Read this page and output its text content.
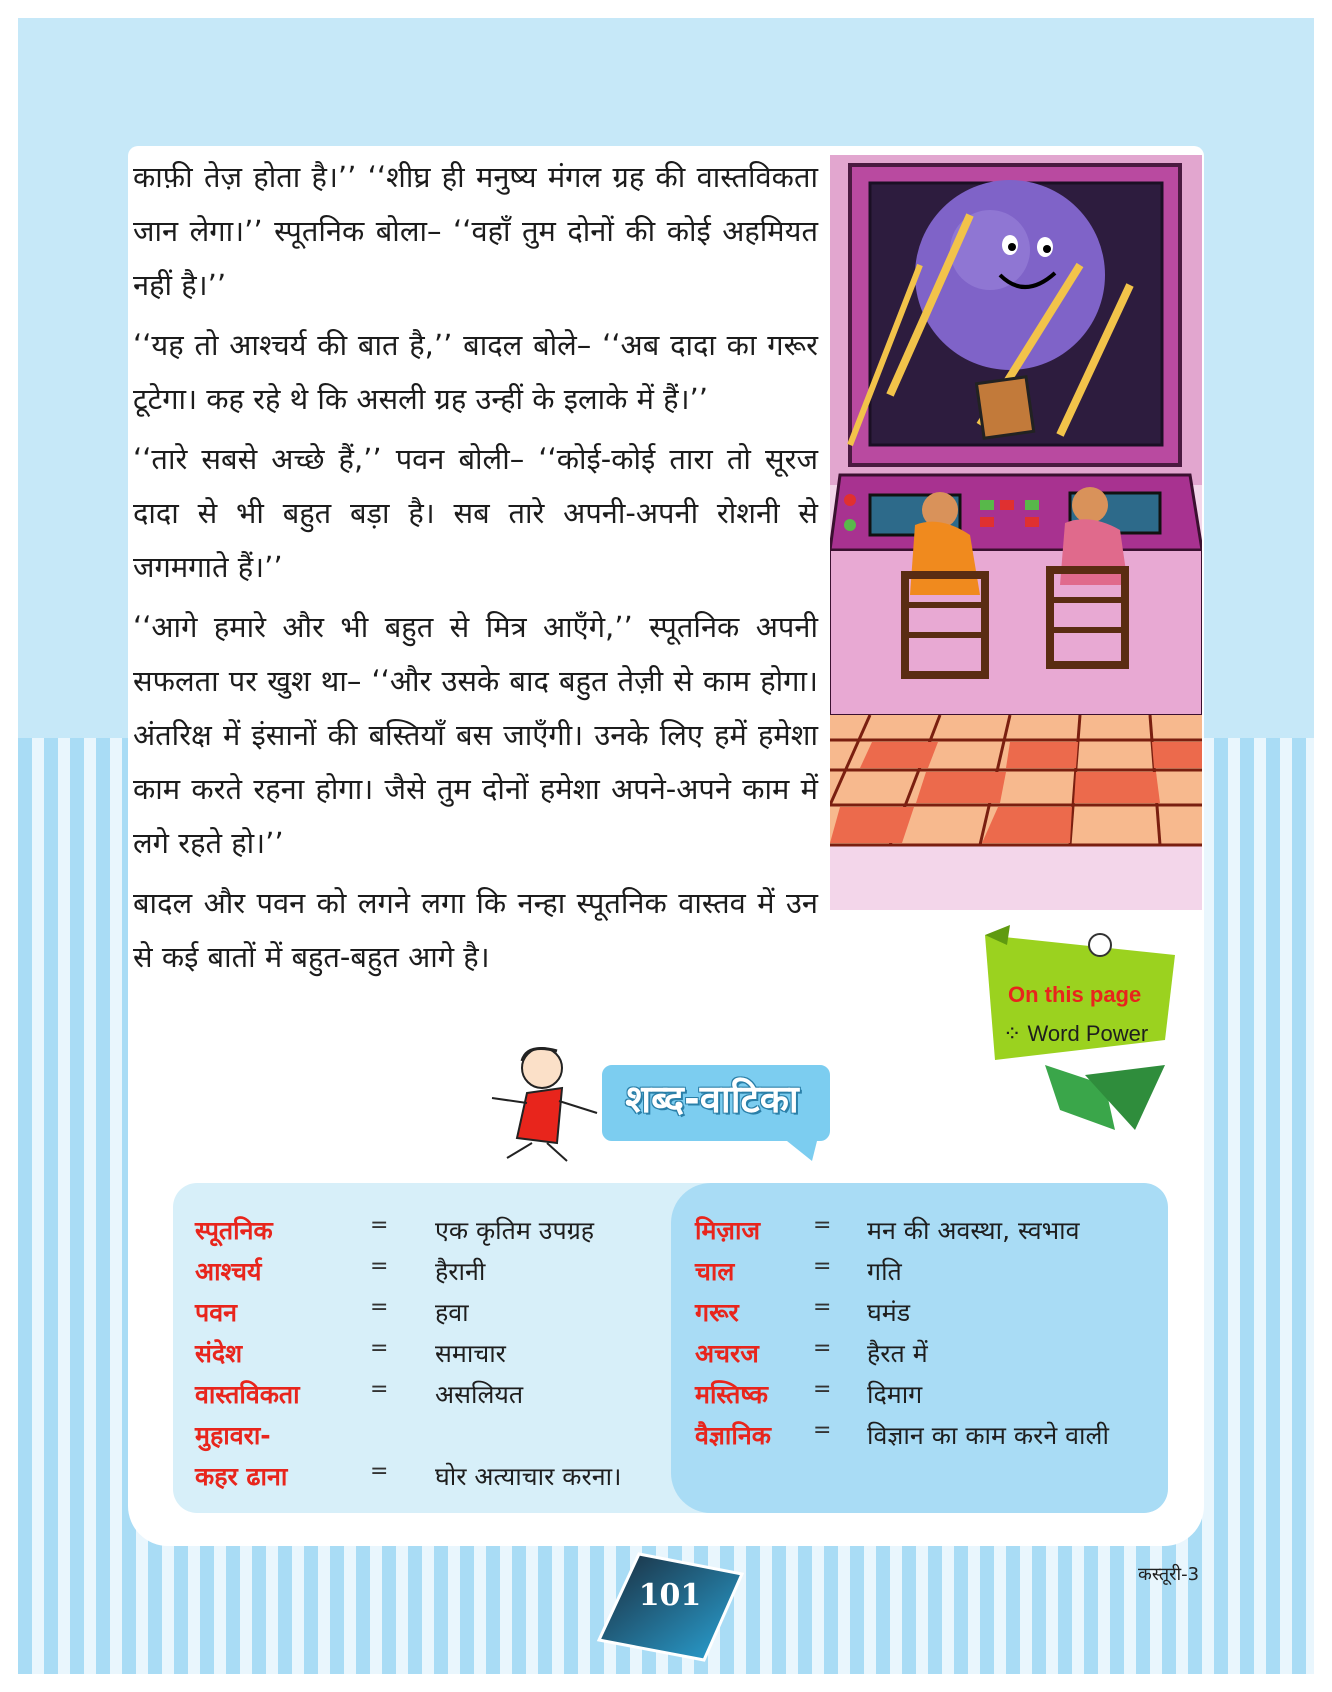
काफ़ी तेज़ होता है।’’ ‘‘शीघ्र ही मनुष्य मंगल ग्रह की वास्तविकता जान लेगा।’’ स्पूतनिक बोला– ‘‘वहाँ तुम दोनों की कोई अहमियत नहीं है।’’

‘‘यह तो आश्चर्य की बात है,’’ बादल बोले– ‘‘अब दादा का गरूर टूटेगा। कह रहे थे कि असली ग्रह उन्हीं के इलाके में हैं।’’

‘‘तारे सबसे अच्छे हैं,’’ पवन बोली– ‘‘कोई-कोई तारा तो सूरज दादा से भी बहुत बड़ा है। सब तारे अपनी-अपनी रोशनी से जगमगाते हैं।’’

‘‘आगे हमारे और भी बहुत से मित्र आएँगे,’’ स्पूतनिक अपनी सफलता पर खुश था– ‘‘और उसके बाद बहुत तेज़ी से काम होगा। अंतरिक्ष में इंसानों की बस्तियाँ बस जाएँगी। उनके लिए हमें हमेशा काम करते रहना होगा। जैसे तुम दोनों हमेशा अपने-अपने काम में लगे रहते हो।’’

बादल और पवन को लगने लगा कि नन्हा स्पूतनिक वास्तव में उन से कई बातों में बहुत-बहुत आगे है।

On this page
⁘ Word Power
शब्द-वाटिका
स्पूतनिक	= एक कृतिम उपग्रह
आश्चर्य	= हैरानी
पवन	= हवा
संदेश	= समाचार
वास्तविकता	= असलियत
मुहावरा-
कहर ढाना	= घोर अत्याचार करना।
मिज़ाज = मन की अवस्था, स्वभाव
चाल	= गति
गरूर	= घमंड
अचरज = हैरत में
मस्तिष्क = दिमाग
वैज्ञानिक = विज्ञान का काम करने वाली
कस्तूरी-3
101
